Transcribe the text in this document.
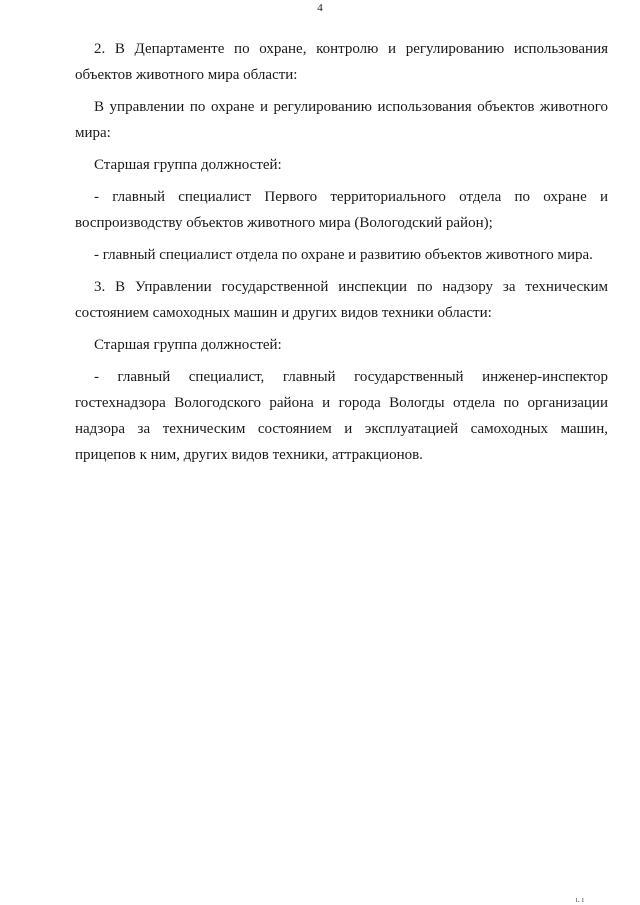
4

2. В Департаменте по охране, контролю и регулированию использования объектов животного мира области:

В управлении по охране и регулированию использования объектов животного мира:

Старшая группа должностей:

- главный специалист Первого территориального отдела по охране и воспроизводству объектов животного мира (Вологодский район);

- главный специалист отдела по охране и развитию объектов животного мира.

3. В Управлении государственной инспекции по надзору за техническим состоянием самоходных машин и других видов техники области:

Старшая группа должностей:

- главный специалист, главный государственный инженер-инспектор гостехнадзора Вологодского района и города Вологды отдела по организации надзора за техническим состоянием и эксплуатацией самоходных машин, прицепов к ним, других видов техники, аттракционов.

ı. ı
